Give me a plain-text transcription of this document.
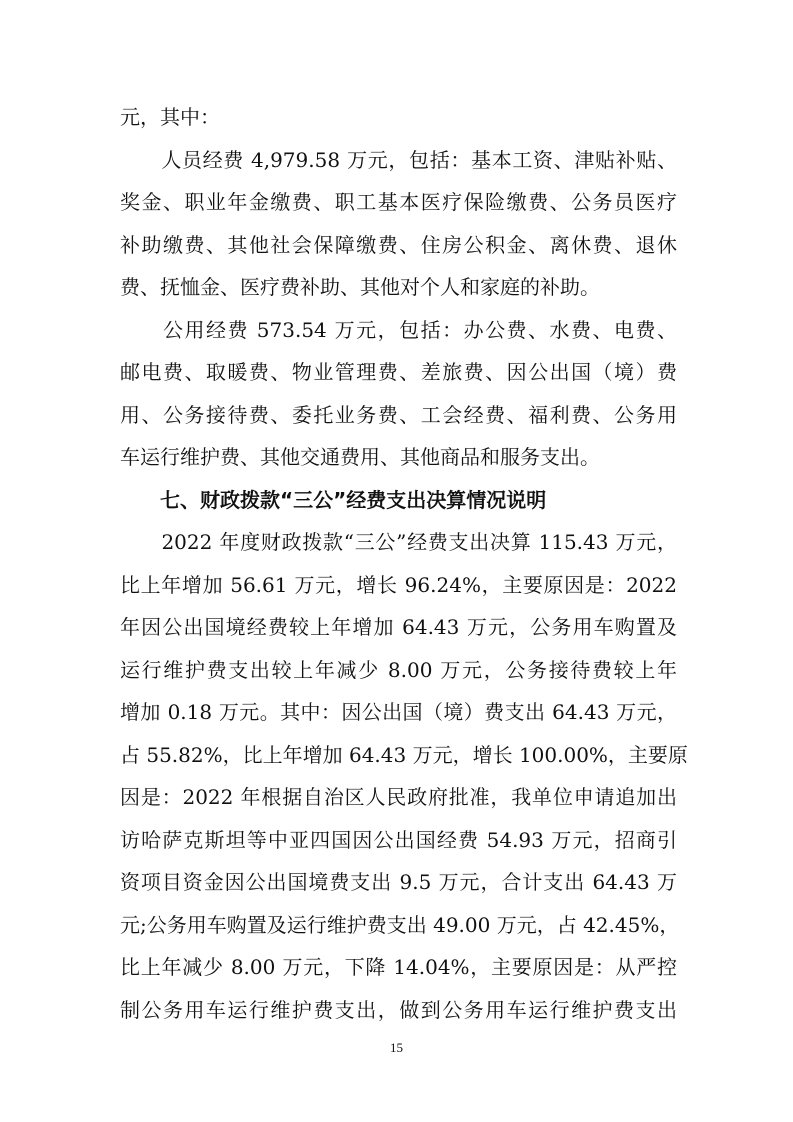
元，其中：
　　人员经费 4,979.58 万元，包括：基本工资、津贴补贴、
奖金、职业年金缴费、职工基本医疗保险缴费、公务员医疗
补助缴费、其他社会保障缴费、住房公积金、离休费、退休
费、抚恤金、医疗费补助、其他对个人和家庭的补助。
　　公用经费 573.54 万元，包括：办公费、水费、电费、
邮电费、取暖费、物业管理费、差旅费、因公出国（境）费
用、公务接待费、委托业务费、工会经费、福利费、公务用
车运行维护费、其他交通费用、其他商品和服务支出。
七、财政拨款“三公”经费支出决算情况说明
　　2022 年度财政拨款“三公”经费支出决算 115.43 万元，
比上年增加 56.61 万元，增长 96.24%，主要原因是：2022
年因公出国境经费较上年增加 64.43 万元，公务用车购置及
运行维护费支出较上年减少 8.00 万元，公务接待费较上年
增加 0.18 万元。其中：因公出国（境）费支出 64.43 万元，
占 55.82%，比上年增加 64.43 万元，增长 100.00%，主要原
因是：2022 年根据自治区人民政府批准，我单位申请追加出
访哈萨克斯坦等中亚四国因公出国经费 54.93 万元，招商引
资项目资金因公出国境费支出 9.5 万元，合计支出 64.43 万
元;公务用车购置及运行维护费支出 49.00 万元，占 42.45%，
比上年减少 8.00 万元，下降 14.04%，主要原因是：从严控
制公务用车运行维护费支出，做到公务用车运行维护费支出
15
